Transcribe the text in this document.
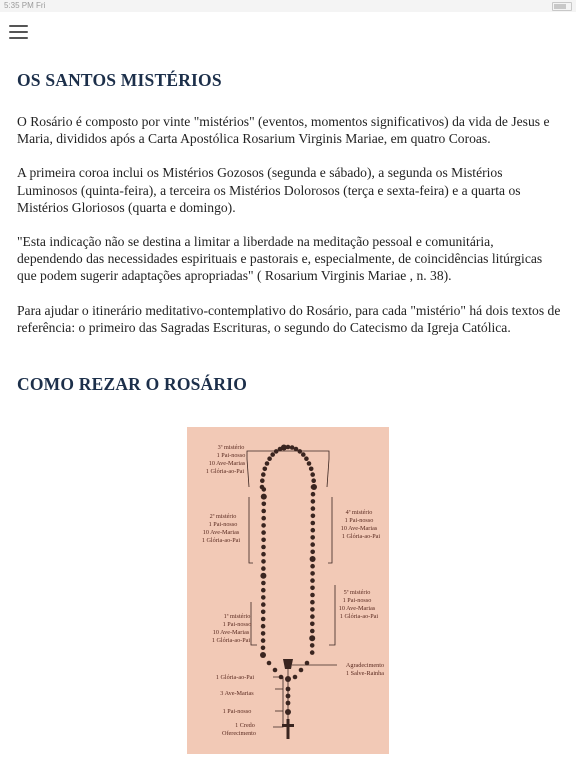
5:35 PM Fri
OS SANTOS MISTÉRIOS

O Rosário é composto por vinte "mistérios" (eventos, momentos significativos) da vida de Jesus e Maria, divididos após a Carta Apostólica Rosarium Virginis Mariae, em quatro Coroas.

A primeira coroa inclui os Mistérios Gozosos (segunda e sábado), a segunda os Mistérios Luminosos (quinta-feira), a terceira os Mistérios Dolorosos (terça e sexta-feira) e a quarta os Mistérios Gloriosos (quarta e domingo).

"Esta indicação não se destina a limitar a liberdade na meditação pessoal e comunitária, dependendo das necessidades espirituais e pastorais e, especialmente, de coincidências litúrgicas que podem sugerir adaptações apropriadas" ( Rosarium Virginis Mariae , n. 38).

Para ajudar o itinerário meditativo-contemplativo do Rosário, para cada "mistério" há dois textos de referência: o primeiro das Sagradas Escrituras, o segundo do Catecismo da Igreja Católica.

COMO REZAR O ROSÁRIO
3ª mistério
1 Pai-nosso
10 Ave-Marias
1 Glória-ao-Pai
2ª mistério
1 Pai-nosso
10 Ave-Marias
1 Glória-ao-Pai
4ª mistério
1 Pai-nosso
10 Ave-Marias
1 Glória-ao-Pai
5ª mistério
1 Pai-nosso
10 Ave-Marias
1 Glória-ao-Pai
1ª mistério
1 Pai-nosso
10 Ave-Marias
1 Glória-ao-Pai
Agradecimento
1 Salve-Rainha
1 Glória-ao-Pai
3 Ave-Marias
1 Pai-nosso
1 Credo
Oferecimento
